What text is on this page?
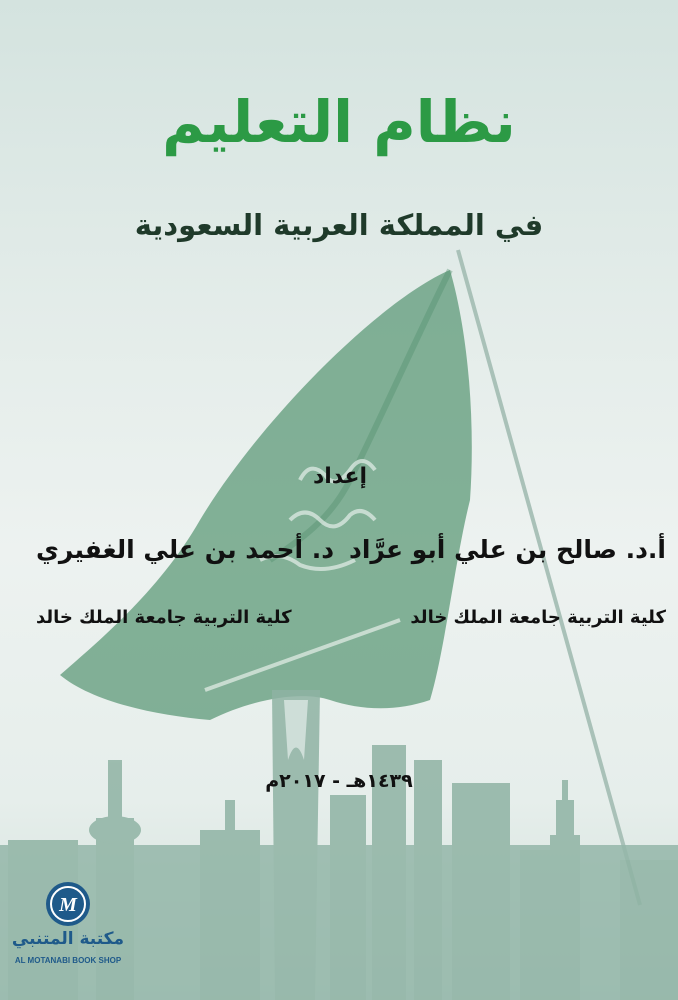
نظام التعليم
في المملكة العربية السعودية
إعداد
أ.د. صالح بن علي أبو عرَّاد
كلية التربية جامعة الملك خالد
د. أحمد بن علي الغفيري
كلية التربية جامعة الملك خالد
١٤٣٩هـ - ٢٠١٧م
M
مكتبة المتنبي
AL MOTANABI BOOK SHOP
